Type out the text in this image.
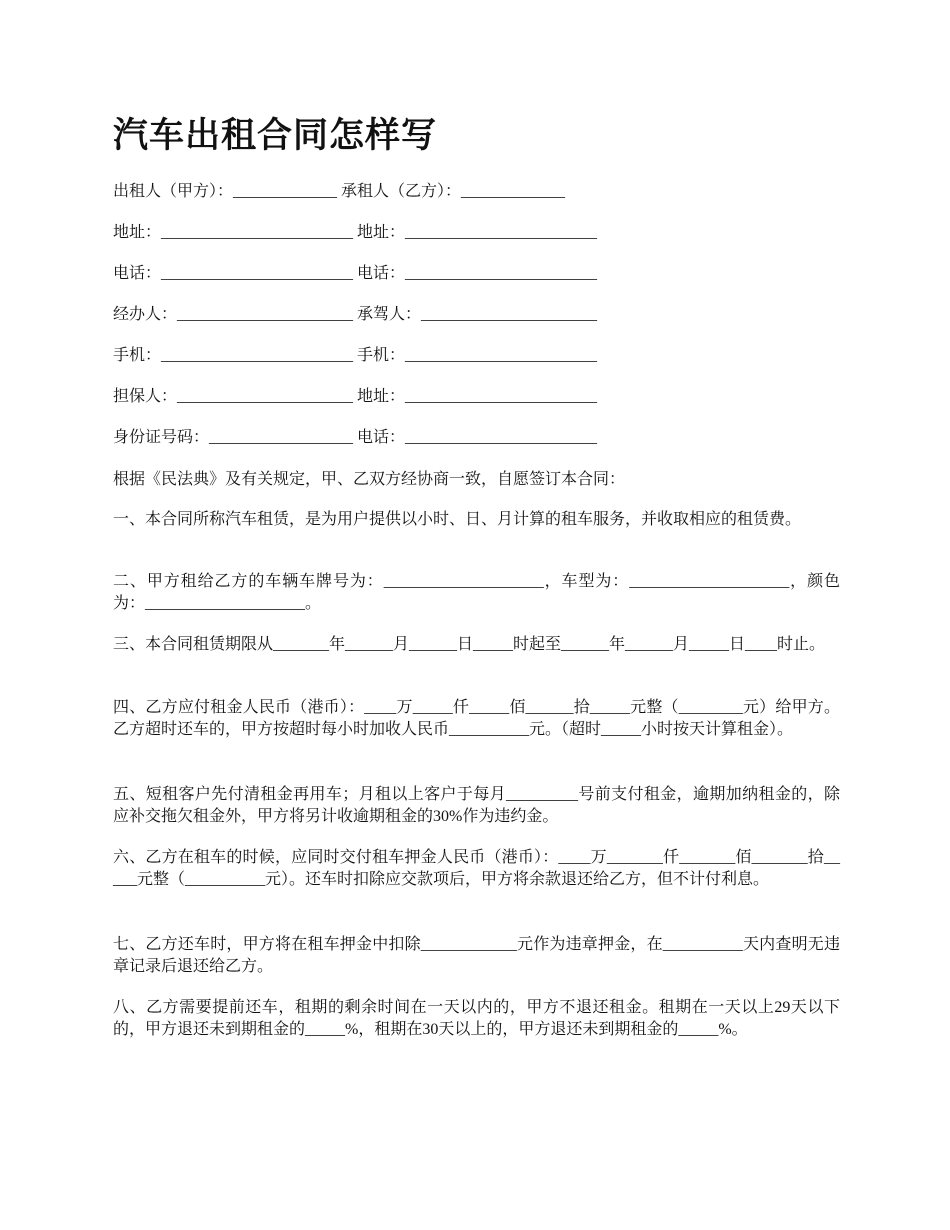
汽车出租合同怎样写

出租人（甲方）：_____________ 承租人（乙方）：_____________

地址：________________________ 地址：________________________

电话：________________________ 电话：________________________

经办人：______________________ 承驾人：______________________

手机：________________________ 手机：________________________

担保人：______________________ 地址：________________________

身份证号码：__________________ 电话：________________________

根据《民法典》及有关规定，甲、乙双方经协商一致，自愿签订本合同：

一、本合同所称汽车租赁，是为用户提供以小时、日、月计算的租车服务，并收取相应的租赁费。

二、甲方租给乙方的车辆车牌号为：____________________，车型为：____________________，颜色为：____________________。

三、本合同租赁期限从_______年______月______日_____时起至______年______月_____日____时止。

四、乙方应付租金人民币（港币）：____万_____仟_____佰______拾_____元整（________元）给甲方。乙方超时还车的，甲方按超时每小时加收人民币__________元。（超时_____小时按天计算租金）。

五、短租客户先付清租金再用车；月租以上客户于每月_________号前支付租金，逾期加纳租金的，除应补交拖欠租金外，甲方将另计收逾期租金的30%作为违约金。

六、乙方在租车的时候，应同时交付租车押金人民币（港币）：____万_______仟_______佰_______拾_____元整（__________元）。还车时扣除应交款项后，甲方将余款退还给乙方，但不计付利息。

七、乙方还车时，甲方将在租车押金中扣除____________元作为违章押金，在__________天内查明无违章记录后退还给乙方。

八、乙方需要提前还车，租期的剩余时间在一天以内的，甲方不退还租金。租期在一天以上29天以下的，甲方退还未到期租金的_____%，租期在30天以上的，甲方退还未到期租金的_____%。
